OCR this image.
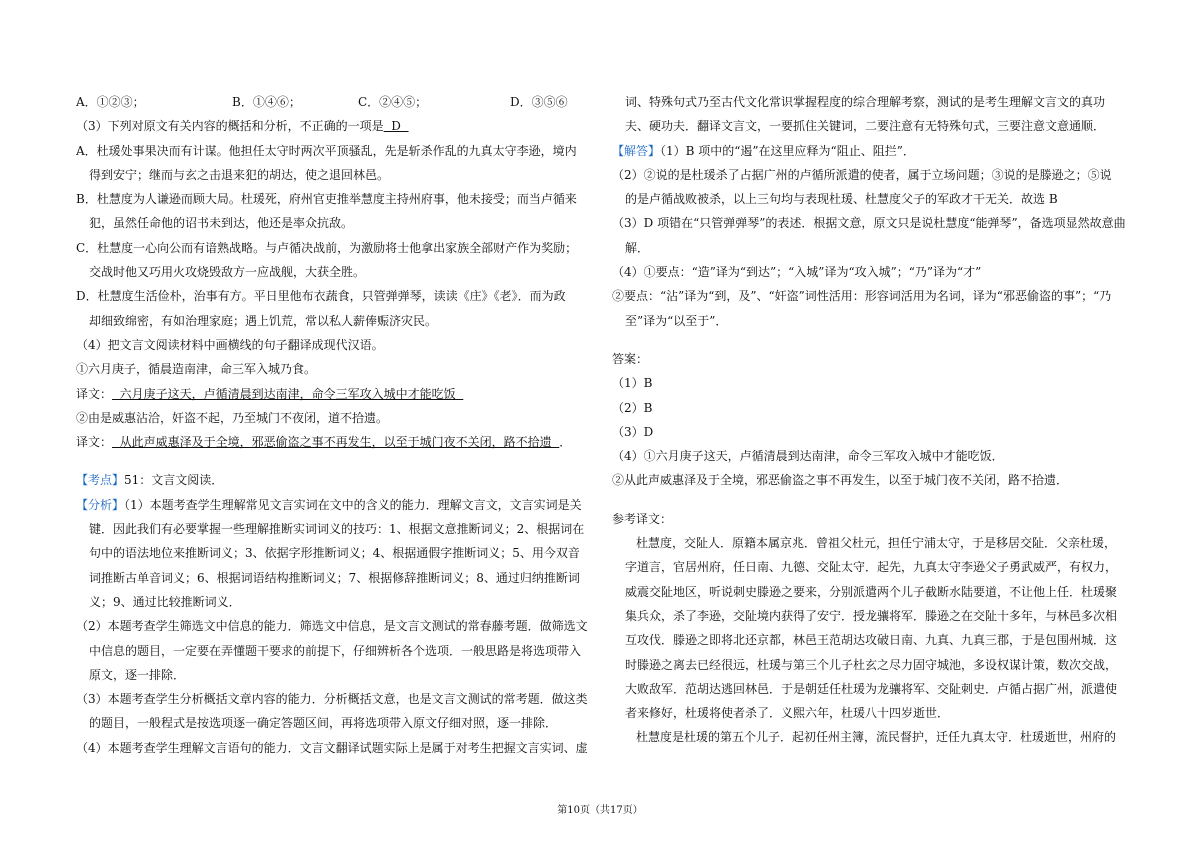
A．①②③；	B．①④⑥；	C．②④⑤；	D．③⑤⑥
（3）下列对原文有关内容的概括和分析，不正确的一项是  D
A．杜瑗处事果决而有计谋。他担任太守时两次平顶骚乱，先是斩杀作乱的九真太守李逊，境内
得到安宁；继而与玄之击退来犯的胡达，使之退回林邑。
B．杜慧度为人谦逊而顾大局。杜瑗死，府州官吏推举慧度主持州府事，他未接受；而当卢循来
犯，虽然任命他的诏书未到达，他还是率众抗敌。
C．杜慧度一心向公而有谙熟战略。与卢循决战前，为激励将士他拿出家族全部财产作为奖励；
交战时他又巧用火攻烧毁敌方一应战舰，大获全胜。
D．杜慧度生活俭朴，治事有方。平日里他布衣蔬食，只管弹弹琴，读读《庄》《老》．而为政
却细致绵密，有如治理家庭；遇上饥荒，常以私人薪俸赈济灾民。
（4）把文言文阅读材料中画横线的句子翻译成现代汉语。
①六月庚子，循晨造南津，命三军入城乃食。
译文：  六月庚子这天，卢循清晨到达南津，命令三军攻入城中才能吃饭
②由是威惠沾洽，奸盗不起，乃至城门不夜闭，道不拾遗。
译文：  从此声威惠泽及于全境，邪恶偷盗之事不再发生，以至于城门夜不关闭，路不拾遗  ．
【考点】51：文言文阅读．
【分析】（1）本题考查学生理解常见文言实词在文中的含义的能力．理解文言文，文言实词是关
键．因此我们有必要掌握一些理解推断实词词义的技巧：1、根据文意推断词义；2、根据词在
句中的语法地位来推断词义；3、依据字形推断词义；4、根据通假字推断词义；5、用今双音
词推断古单音词义；6、根据词语结构推断词义；7、根据修辞推断词义；8、通过归纳推断词
义；9、通过比较推断词义．
（2）本题考查学生筛选文中信息的能力．筛选文中信息，是文言文测试的常春藤考题．做筛选文
中信息的题目，一定要在弄懂题干要求的前提下，仔细辨析各个选项．一般思路是将选项带入
原文，逐一排除．
（3）本题考查学生分析概括文章内容的能力．分析概括文意，也是文言文测试的常考题．做这类
的题目，一般程式是按选项逐一确定答题区间，再将选项带入原文仔细对照，逐一排除．
（4）本题考查学生理解文言语句的能力．文言文翻译试题实际上是属于对考生把握文言实词、虚
词、特殊句式乃至古代文化常识掌握程度的综合理解考察，测试的是考生理解文言文的真功
夫、硬功夫．翻译文言文，一要抓住关键词，二要注意有无特殊句式，三要注意文意通顺．
【解答】（1）B 项中的“遏”在这里应释为“阻止、阻拦”．
（2）②说的是杜瑗杀了占据广州的卢循所派遣的使者，属于立场问题；③说的是滕逊之；⑤说
的是卢循战败被杀，以上三句均与表现杜瑗、杜慧度父子的军政才干无关．故选 B
（3）D 项错在“只管弹弹琴”的表述．根据文意，原文只是说杜慧度“能弹琴”，备选项显然故意曲
解．
（4）①要点：“造”译为“到达”；“入城”译为“攻入城”；“乃”译为“才”
②要点：“沾”译为“到，及”、“奸盗”词性活用：形容词活用为名词，译为“邪恶偷盗的事”；“乃
至”译为“以至于”．
答案：
（1）B
（2）B
（3）D
（4）①六月庚子这天，卢循清晨到达南津，命令三军攻入城中才能吃饭．
②从此声威惠泽及于全境，邪恶偷盗之事不再发生，以至于城门夜不关闭，路不拾遗．
参考译文：
杜慧度，交阯人．原籍本属京兆．曾祖父杜元，担任宁浦太守，于是移居交阯．父亲杜瑗，
字道言，官居州府，任日南、九德、交阯太守．起先，九真太守李逊父子勇武威严，有权力，
威震交阯地区，听说刺史滕逊之要来，分别派遣两个儿子截断水陆要道，不让他上任．杜瑗聚
集兵众，杀了李逊，交阯境内获得了安宁．授龙骧将军．滕逊之在交阯十多年，与林邑多次相
互攻伐．滕逊之即将北还京都，林邑王范胡达攻破日南、九真、九真三郡，于是包围州城．这
时滕逊之离去已经很远，杜瑗与第三个儿子杜玄之尽力固守城池，多设权谋计策，数次交战，
大败敌军．范胡达逃回林邑．于是朝廷任杜瑗为龙骧将军、交阯刺史．卢循占据广州，派遣使
者来修好，杜瑗将使者杀了．义熙六年，杜瑗八十四岁逝世．
杜慧度是杜瑗的第五个儿子．起初任州主簿，流民督护，迁任九真太守．杜瑗逝世，州府的
第10页（共17页）
